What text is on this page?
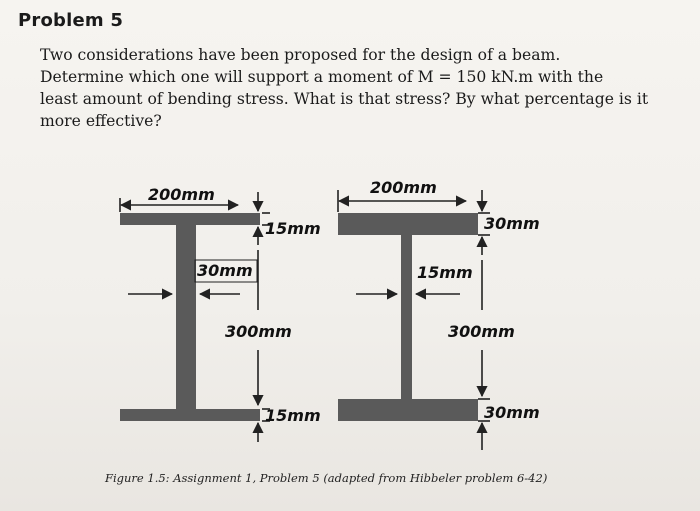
Problem 5
Two considerations have been proposed for the design of a beam.
Determine which one will support a moment of M = 150 kN.m with the
least amount of bending stress. What is that stress? By what percentage is it
more effective?
200mm
15mm
30mm
300mm
15mm
200mm
30mm
15mm
300mm
30mm
Figure 1.5: Assignment 1, Problem 5 (adapted from Hibbeler problem 6-42)
